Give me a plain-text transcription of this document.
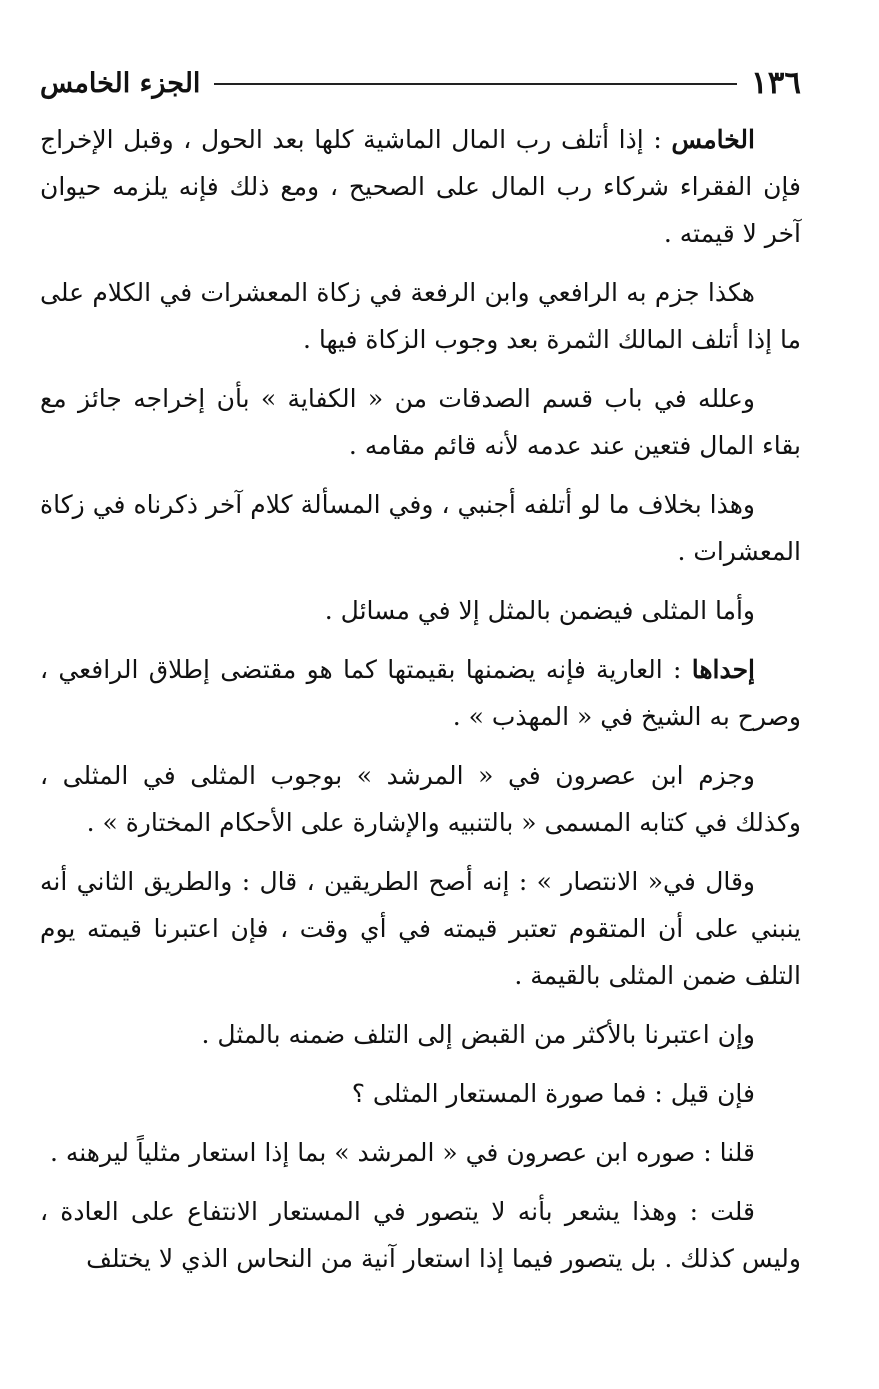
١٣٦
الجزء الخامس

الخامس : إذا أتلف رب المال الماشية كلها بعد الحول ، وقبل الإخراج فإن الفقراء شركاء رب المال على الصحيح ، ومع ذلك فإنه يلزمه حيوان آخر لا قيمته .

هكذا جزم به الرافعي وابن الرفعة في زكاة المعشرات في الكلام على ما إذا أتلف المالك الثمرة بعد وجوب الزكاة فيها .

وعلله في باب قسم الصدقات من « الكفاية » بأن إخراجه جائز مع بقاء المال فتعين عند عدمه لأنه قائم مقامه .

وهذا بخلاف ما لو أتلفه أجنبي ، وفي المسألة كلام آخر ذكرناه في زكاة المعشرات .

وأما المثلى فيضمن بالمثل إلا في مسائل .

إحداها : العارية فإنه يضمنها بقيمتها كما هو مقتضى إطلاق الرافعي ، وصرح به الشيخ في « المهذب » .

وجزم ابن عصرون في « المرشد » بوجوب المثلى في المثلى ، وكذلك في كتابه المسمى « بالتنبيه والإشارة على الأحكام المختارة » .

وقال في« الانتصار » : إنه أصح الطريقين ، قال : والطريق الثاني أنه ينبني على أن المتقوم تعتبر قيمته في أي وقت ، فإن اعتبرنا قيمته يوم التلف ضمن المثلى بالقيمة .

وإن اعتبرنا بالأكثر من القبض إلى التلف ضمنه بالمثل .

فإن قيل : فما صورة المستعار المثلى ؟

قلنا : صوره ابن عصرون في « المرشد » بما إذا استعار مثلياً ليرهنه .

قلت : وهذا يشعر بأنه لا يتصور في المستعار الانتفاع على العادة ، وليس كذلك . بل يتصور فيما إذا استعار آنية من النحاس الذي لا يختلف
